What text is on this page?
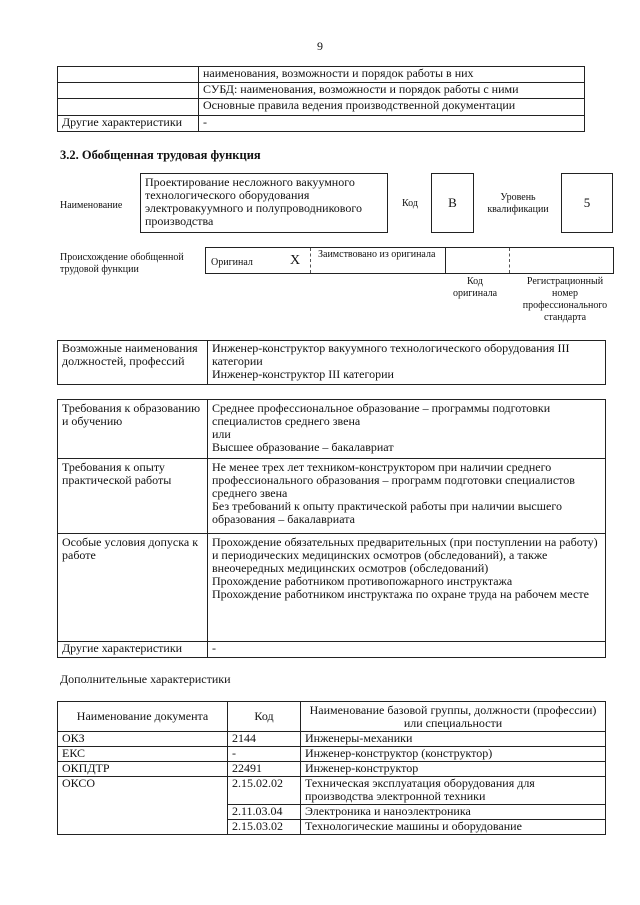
9
	наименования, возможности и порядок работы в них
	СУБД: наименования, возможности и порядок работы с ними
	Основные правила ведения производственной документации
Другие характеристики	-
3.2. Обобщенная трудовая функция
Наименование
Проектирование несложного вакуумного технологического оборудования электровакуумного и полупроводникового производства
Код	B	Уровень квалификации	5
Происхождение обобщенной трудовой функции
Оригинал	X Заимствовано из оригинала
Код оригинала
Регистрационный номер профессионального стандарта
Возможные наименования должностей, профессий	
Инженер-конструктор вакуумного технологического оборудования III категории
Инженер-конструктор III категории
Требования к образованию и обучению	Среднее профессиональное образование – программы подготовки специалистов среднего звена
или
Высшее образование – бакалавриат

Требования к опыту практической работы	Не менее трех лет техником-конструктором при наличии среднего профессионального образования – программ подготовки специалистов среднего звена
Без требований к опыту практической работы при наличии высшего образования – бакалавриата

Особые условия допуска к работе	Прохождение обязательных предварительных (при поступлении на работу) и периодических медицинских осмотров (обследований), а также внеочередных медицинских осмотров (обследований)
Прохождение работником противопожарного инструктажа
Прохождение работником инструктажа по охране труда на рабочем месте

Другие характеристики	-
Дополнительные характеристики
Наименование документа	Код	Наименование базовой группы, должности (профессии) или специальности
ОКЗ	2144	Инженеры-механики
ЕКС	-	Инженер-конструктор (конструктор)
ОКПДТР	22491	Инженер-конструктор
ОКСО	2.15.02.02	Техническая эксплуатация оборудования для производства электронной техники
	2.11.03.04	Электроника и наноэлектроника
	2.15.03.02	Технологические машины и оборудование
